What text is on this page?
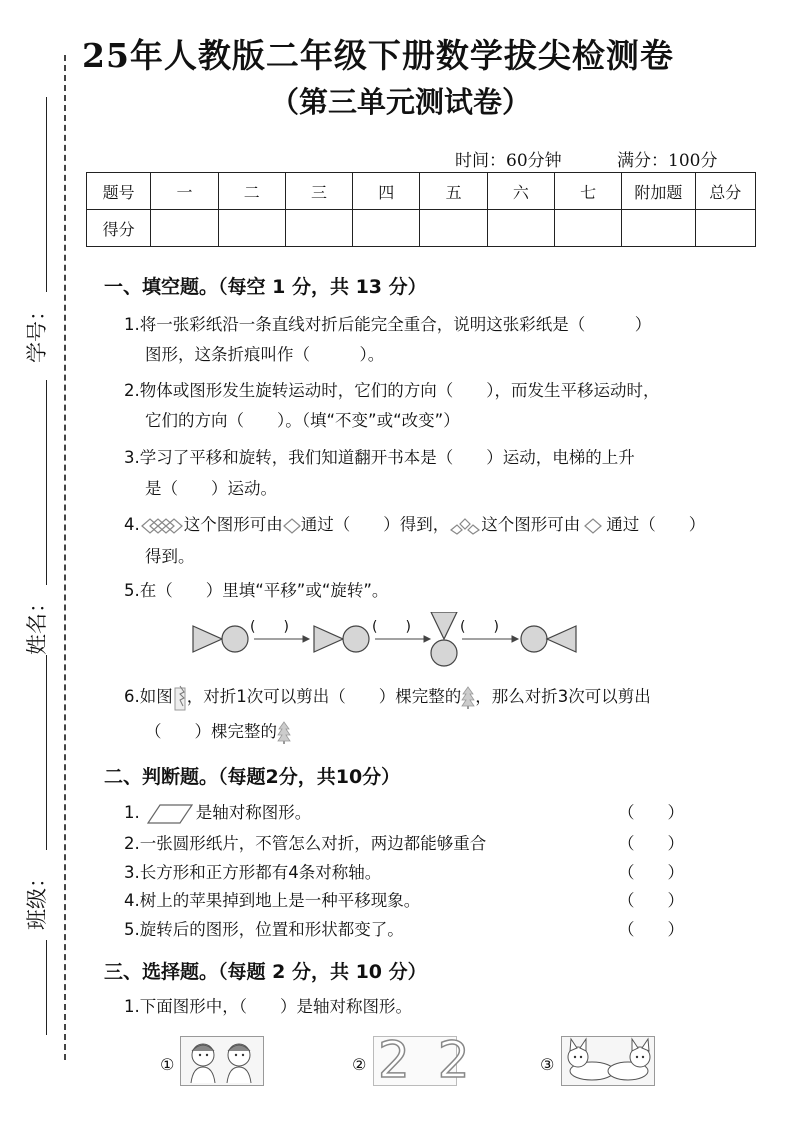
学号：
姓名：
班级：
25年人教版二年级下册数学拔尖检测卷
（第三单元测试卷）
时间：60分钟	满分：100分
题号	一	二	三	四	五	六	七	附加题	总分
得分									
一、填空题。（每空 1 分，共 13 分）
1.将一张彩纸沿一条直线对折后能完全重合，说明这张彩纸是（　　　）
图形，这条折痕叫作（　　　）。
2.物体或图形发生旋转运动时，它们的方向（　　），而发生平移运动时，
它们的方向（　　）。（填“不变”或“改变”）
3.学习了平移和旋转，我们知道翻开书本是（　　）运动，电梯的上升
是（　　）运动。
4.	这个图形可由 通过（　　）得到， 这个图形可由 通过（　　）
得到。
5.在（　　）里填“平移”或“旋转”。
(　　)	(　　)	(　　)
6.如图 ，对折1次可以剪出（　　）棵完整的 ，那么对折3次可以剪出
（　　）棵完整的
二、判断题。（每题2分，共10分）
1.	是轴对称图形。	（　　）
2.一张圆形纸片，不管怎么对折，两边都能够重合	（　　）
3.长方形和正方形都有4条对称轴。	（　　）
4.树上的苹果掉到地上是一种平移现象。	（　　）
5.旋转后的图形，位置和形状都变了。	（　　）
三、选择题。（每题 2 分，共 10 分）
1.下面图形中，（　　）是轴对称图形。
①	② 2 2	③
